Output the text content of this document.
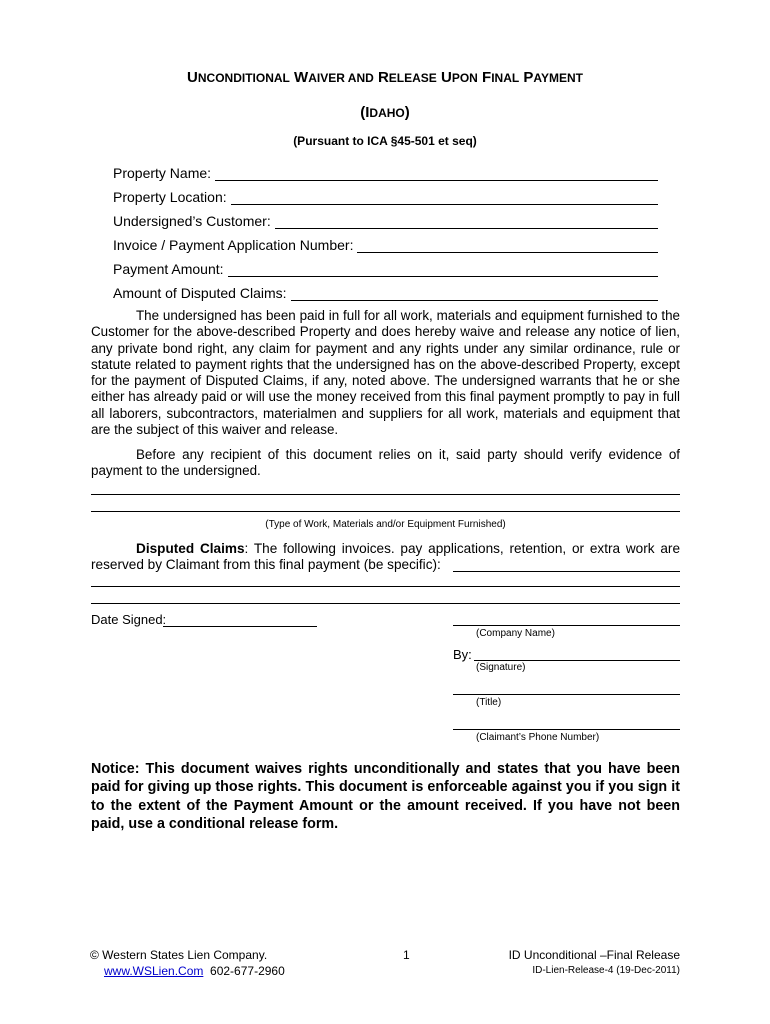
UNCONDITIONAL WAIVER AND RELEASE UPON FINAL PAYMENT
(IDAHO)
(Pursuant to ICA §45-501 et seq)
Property Name:
Property Location:
Undersigned’s Customer:
Invoice / Payment Application Number:
Payment Amount:
Amount of Disputed Claims:
The undersigned has been paid in full for all work, materials and equipment furnished to the Customer for the above-described Property and does hereby waive and release any notice of lien, any private bond right, any claim for payment and any rights under any similar ordinance, rule or statute related to payment rights that the undersigned has on the above-described Property, except for the payment of Disputed Claims, if any, noted above. The undersigned warrants that he or she either has already paid or will use the money received from this final payment promptly to pay in full all laborers, subcontractors, materialmen and suppliers for all work, materials and equipment that are the subject of this waiver and release.
Before any recipient of this document relies on it, said party should verify evidence of payment to the undersigned.
(Type of Work, Materials and/or Equipment Furnished)
Disputed Claims: The following invoices. pay applications, retention, or extra work are reserved by Claimant from this final payment (be specific):
Date Signed:
(Company Name)
By:
(Signature)
(Title)
(Claimant’s Phone Number)
Notice: This document waives rights unconditionally and states that you have been paid for giving up those rights. This document is enforceable against you if you sign it to the extent of the Payment Amount or the amount received. If you have not been paid, use a conditional release form.
© Western States Lien Company.
www.WSLien.Com 602-677-2960
1	ID Unconditional –Final Release
ID-Lien-Release-4 (19-Dec-2011)
